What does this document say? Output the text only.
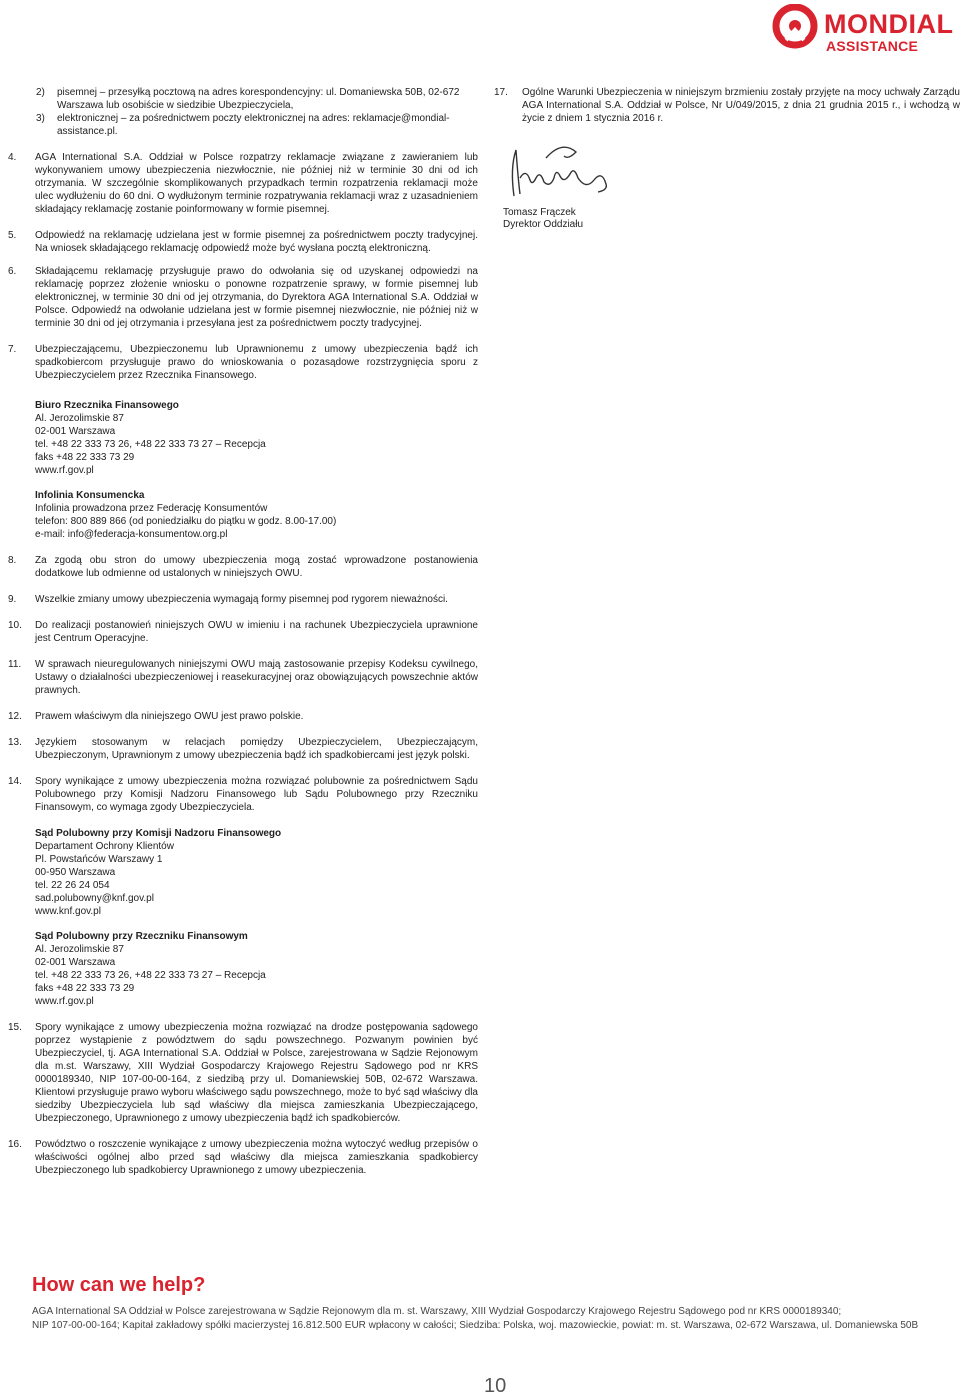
MONDIAL
ASSISTANCE
2) pisemnej – przesyłką pocztową na adres korespondencyjny: ul. Domaniewska 50B, 02-672 Warszawa lub osobiście w siedzibie Ubezpieczyciela,
3) elektronicznej – za pośrednictwem poczty elektronicznej na adres: reklamacje@mondial-assistance.pl.
4. AGA International S.A. Oddział w Polsce rozpatrzy reklamacje związane z zawieraniem lub wykonywaniem umowy ubezpieczenia niezwłocznie, nie później niż w terminie 30 dni od ich otrzymania. W szczególnie skomplikowanych przypadkach termin rozpatrzenia reklamacji może ulec wydłużeniu do 60 dni. O wydłużonym terminie rozpatrywania reklamacji wraz z uzasadnieniem składający reklamację zostanie poinformowany w formie pisemnej.
5. Odpowiedź na reklamację udzielana jest w formie pisemnej za pośrednictwem poczty tradycyjnej. Na wniosek składającego reklamację odpowiedź może być wysłana pocztą elektroniczną.
17. Ogólne Warunki Ubezpieczenia w niniejszym brzmieniu zostały przyjęte na mocy uchwały Zarządu AGA International S.A. Oddział w Polsce, Nr U/049/2015, z dnia 21 grudnia 2015 r., i wchodzą w życie z dniem 1 stycznia 2016 r.
Tomasz Frączek
Dyrektor Oddziału
6. Składającemu reklamację przysługuje prawo do odwołania się od uzyskanej odpowiedzi na reklamację poprzez złożenie wniosku o ponowne rozpatrzenie sprawy, w formie pisemnej lub elektronicznej, w terminie 30 dni od jej otrzymania, do Dyrektora AGA International S.A. Oddział w Polsce. Odpowiedź na odwołanie udzielana jest w formie pisemnej niezwłocznie, nie później niż w terminie 30 dni od jej otrzymania i przesyłana jest za pośrednictwem poczty tradycyjnej.
7. Ubezpieczającemu, Ubezpieczonemu lub Uprawnionemu z umowy ubezpieczenia bądź ich spadkobiercom przysługuje prawo do wnioskowania o pozasądowe rozstrzygnięcia sporu z Ubezpieczycielem przez Rzecznika Finansowego.
Biuro Rzecznika Finansowego
Al. Jerozolimskie 87
02-001 Warszawa
tel. +48 22 333 73 26, +48 22 333 73 27 – Recepcja
faks +48 22 333 73 29
www.rf.gov.pl
Infolinia Konsumencka
Infolinia prowadzona przez Federację Konsumentów
telefon: 800 889 866 (od poniedziałku do piątku w godz. 8.00-17.00)
e-mail: info@federacja-konsumentow.org.pl
8. Za zgodą obu stron do umowy ubezpieczenia mogą zostać wprowadzone postanowienia dodatkowe lub odmienne od ustalonych w niniejszych OWU.
9. Wszelkie zmiany umowy ubezpieczenia wymagają formy pisemnej pod rygorem nieważności.
10. Do realizacji postanowień niniejszych OWU w imieniu i na rachunek Ubezpieczyciela uprawnione jest Centrum Operacyjne.
11. W sprawach nieuregulowanych niniejszymi OWU mają zastosowanie przepisy Kodeksu cywilnego, Ustawy o działalności ubezpieczeniowej i reasekuracyjnej oraz obowiązujących powszechnie aktów prawnych.
12. Prawem właściwym dla niniejszego OWU jest prawo polskie.
13. Językiem stosowanym w relacjach pomiędzy Ubezpieczycielem, Ubezpieczającym, Ubezpieczonym, Uprawnionym z umowy ubezpieczenia bądź ich spadkobiercami jest język polski.
14. Spory wynikające z umowy ubezpieczenia można rozwiązać polubownie za pośrednictwem Sądu Polubownego przy Komisji Nadzoru Finansowego lub Sądu Polubownego przy Rzeczniku Finansowym, co wymaga zgody Ubezpieczyciela.
Sąd Polubowny przy Komisji Nadzoru Finansowego
Departament Ochrony Klientów
Pl. Powstańców Warszawy 1
00-950 Warszawa
tel. 22 26 24 054
sad.polubowny@knf.gov.pl
www.knf.gov.pl
Sąd Polubowny przy Rzeczniku Finansowym
Al. Jerozolimskie 87
02-001 Warszawa
tel. +48 22 333 73 26, +48 22 333 73 27 – Recepcja
faks +48 22 333 73 29
www.rf.gov.pl
15. Spory wynikające z umowy ubezpieczenia można rozwiązać na drodze postępowania sądowego poprzez wystąpienie z powództwem do sądu powszechnego. Pozwanym powinien być Ubezpieczyciel, tj. AGA International S.A. Oddział w Polsce, zarejestrowana w Sądzie Rejonowym dla m.st. Warszawy, XIII Wydział Gospodarczy Krajowego Rejestru Sądowego pod nr KRS 0000189340, NIP 107-00-00-164, z siedzibą przy ul. Domaniewskiej 50B, 02-672 Warszawa. Klientowi przysługuje prawo wyboru właściwego sądu powszechnego, może to być sąd właściwy dla siedziby Ubezpieczyciela lub sąd właściwy dla miejsca zamieszkania Ubezpieczającego, Ubezpieczonego, Uprawnionego z umowy ubezpieczenia bądź ich spadkobierców.
16. Powództwo o roszczenie wynikające z umowy ubezpieczenia można wytoczyć według przepisów o właściwości ogólnej albo przed sąd właściwy dla miejsca zamieszkania spadkobiercy Ubezpieczonego lub spadkobiercy Uprawnionego z umowy ubezpieczenia.
How can we help?
AGA International SA Oddział w Polsce zarejestrowana w Sądzie Rejonowym dla m. st. Warszawy, XIII Wydział Gospodarczy Krajowego Rejestru Sądowego pod nr KRS 0000189340;
NIP 107-00-00-164; Kapitał zakładowy spółki macierzystej 16.812.500 EUR wpłacony w całości; Siedziba: Polska, woj. mazowieckie, powiat: m. st. Warszawa, 02-672 Warszawa, ul. Domaniewska 50B
10
